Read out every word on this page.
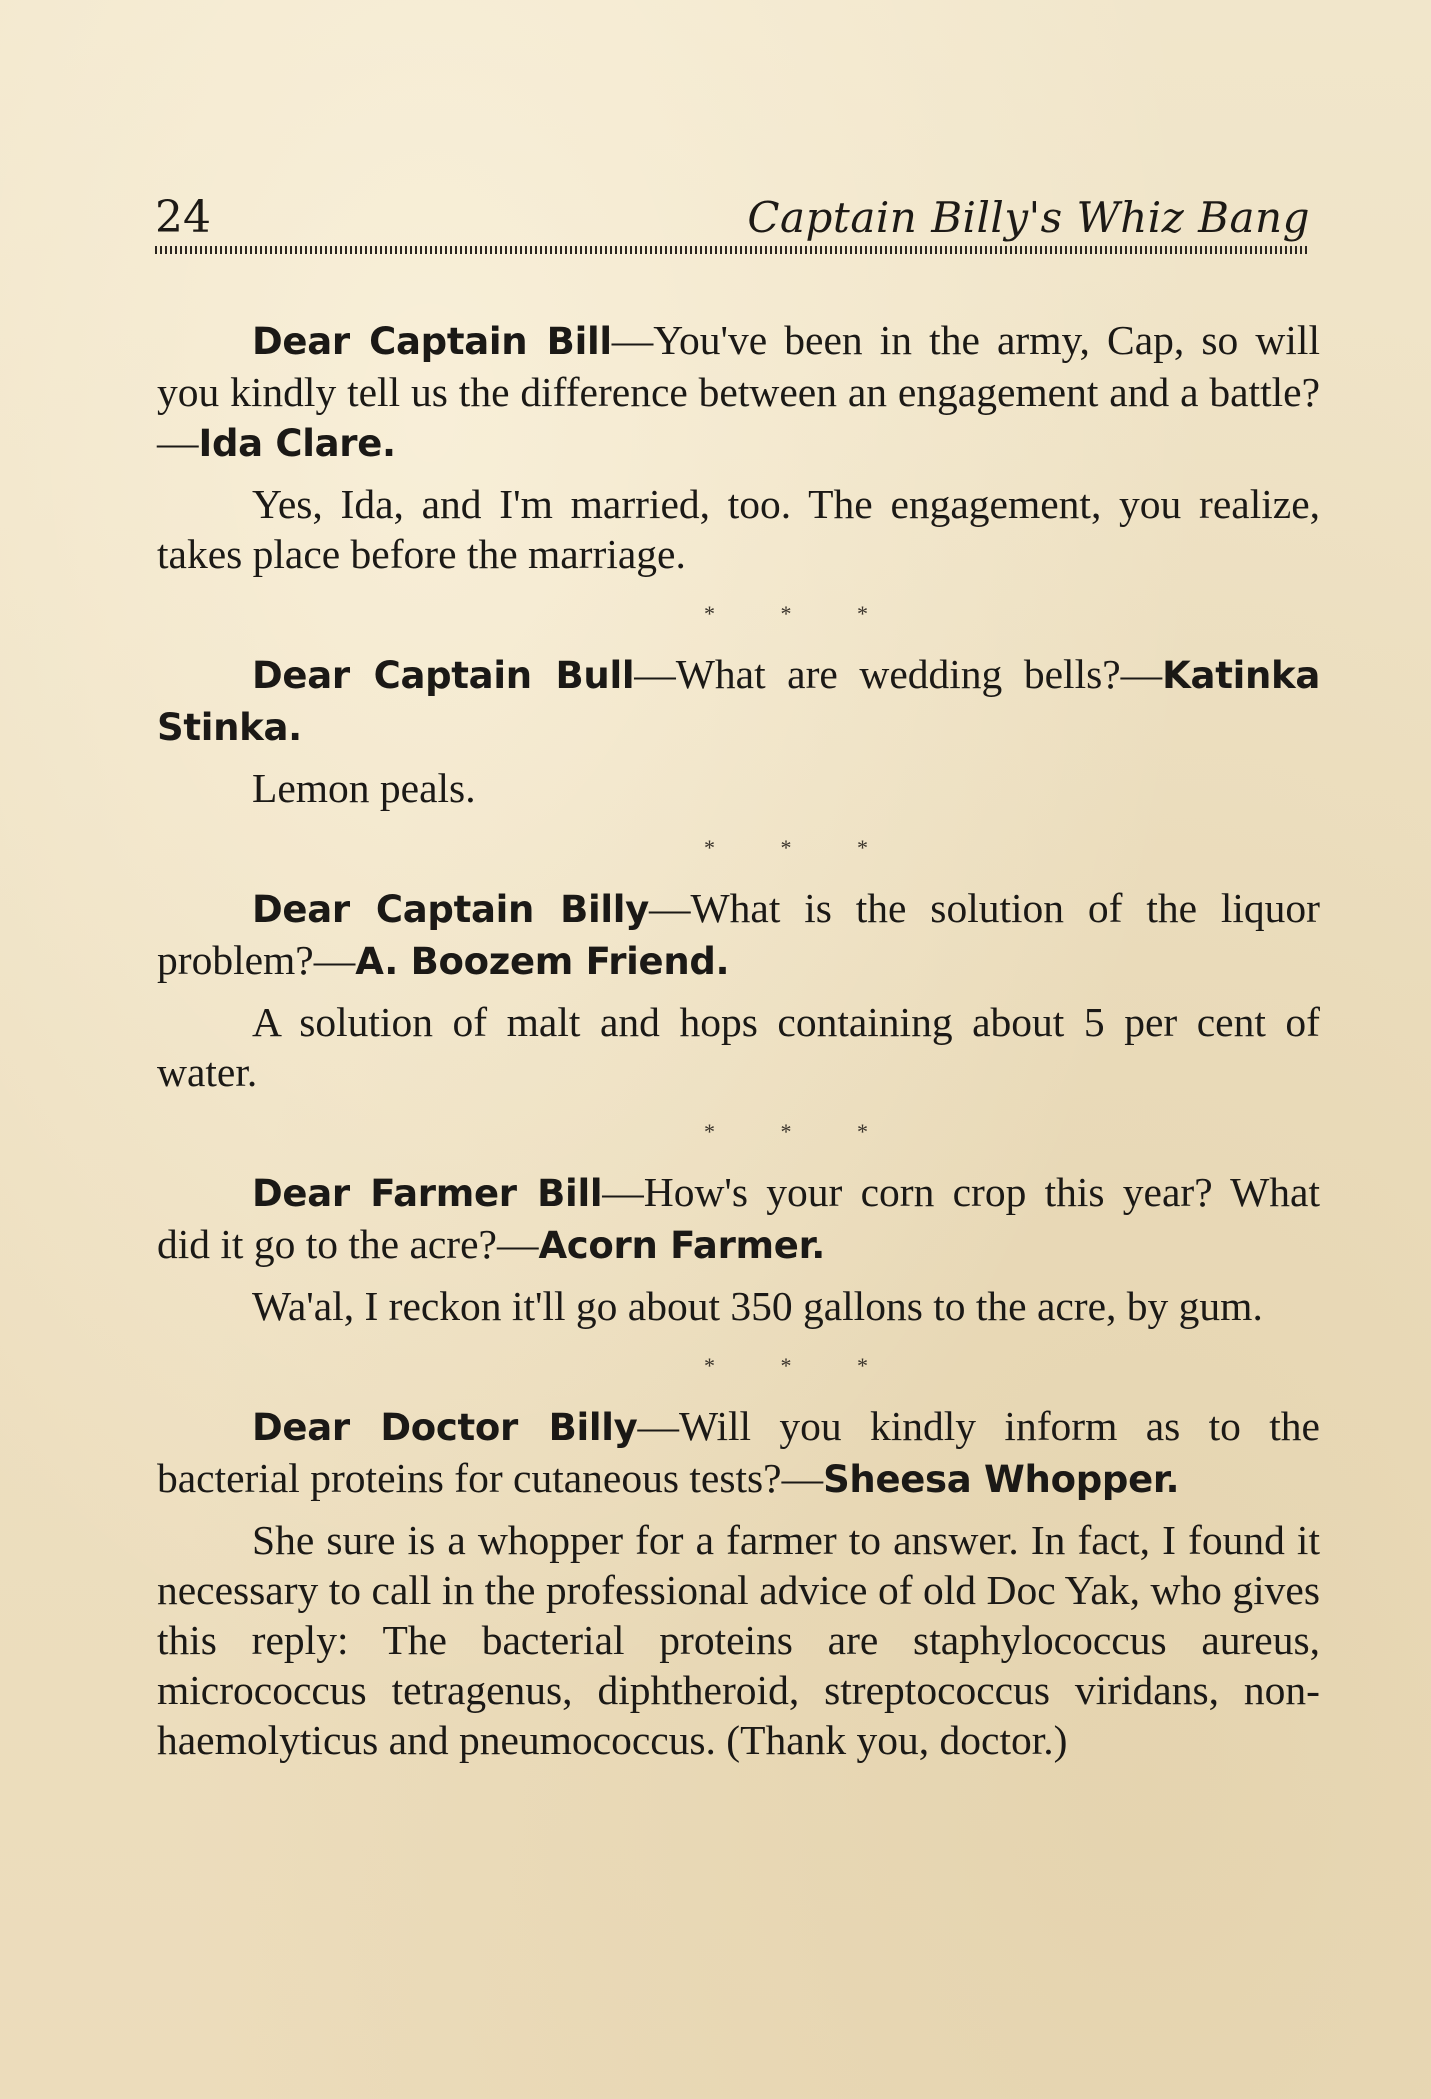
24	Captain Billy's Whiz Bang

Dear Captain Bill—You've been in the army, Cap, so will you kindly tell us the difference between an engagement and a battle?—Ida Clare.

Yes, Ida, and I'm married, too. The engagement, you realize, takes place before the marriage.

* * *

Dear Captain Bull—What are wedding bells?—Katinka Stinka.

Lemon peals.

* * *

Dear Captain Billy—What is the solution of the liquor problem?—A. Boozem Friend.

A solution of malt and hops containing about 5 per cent of water.

* * *

Dear Farmer Bill—How's your corn crop this year? What did it go to the acre?—Acorn Farmer.

Wa'al, I reckon it'll go about 350 gallons to the acre, by gum.

* * *

Dear Doctor Billy—Will you kindly inform as to the bacterial proteins for cutaneous tests?—Sheesa Whopper.

She sure is a whopper for a farmer to answer. In fact, I found it necessary to call in the professional advice of old Doc Yak, who gives this reply: The bacterial proteins are staphylococcus aureus, micrococcus tetragenus, diphtheroid, streptococcus viridans, non-haemolyticus and pneumococcus. (Thank you, doctor.)
